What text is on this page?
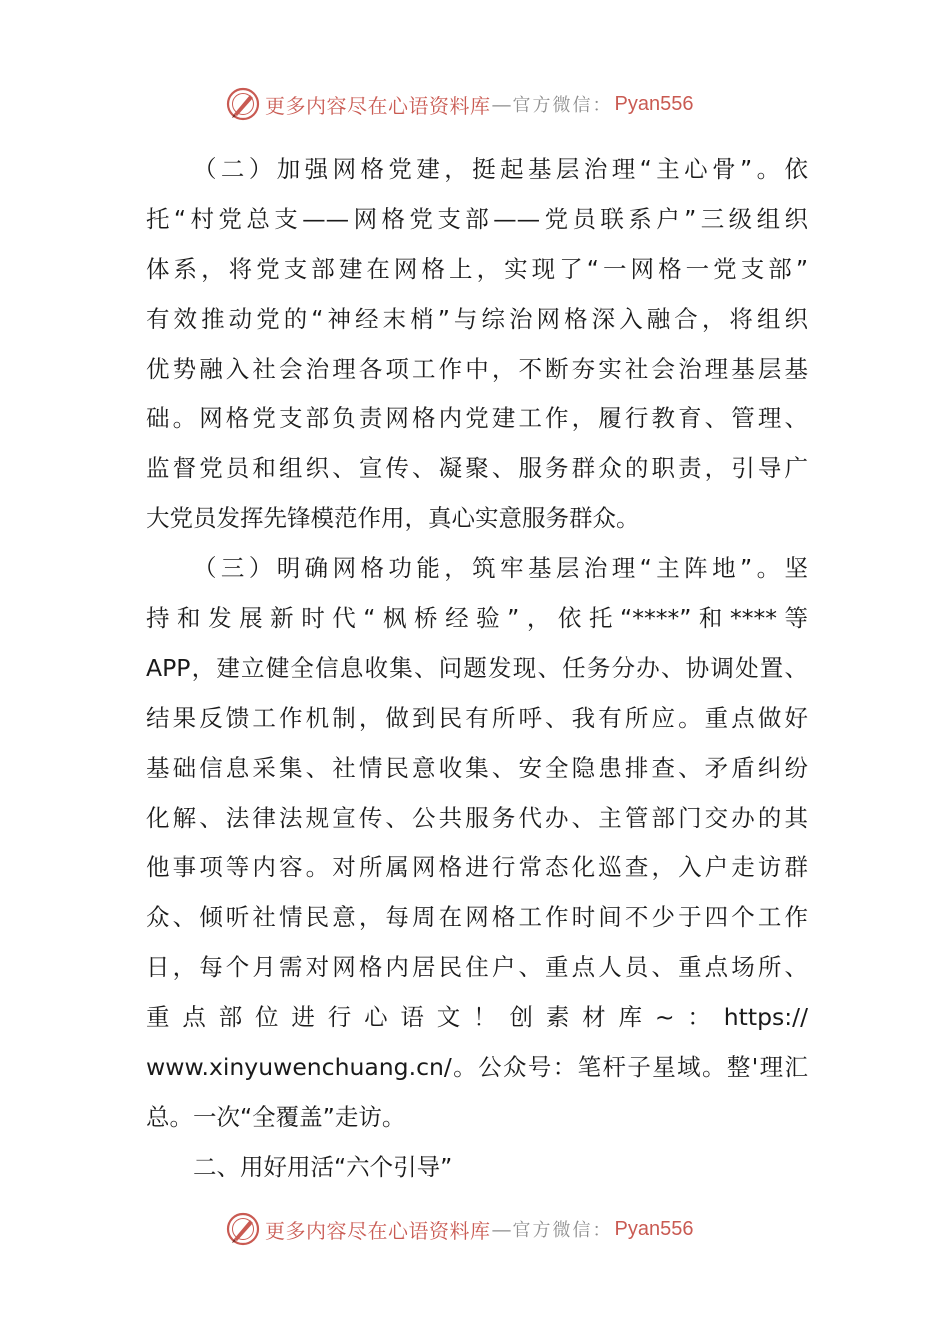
更多内容尽在心语资料库 — 官方微信： Pyan556
（二）加强网格党建，挺起基层治理“主心骨”。依
托“村党总支——网格党支部——党员联系户”三级组织
体系，将党支部建在网格上，实现了“一网格一党支部”
有效推动党的“神经末梢”与综治网格深入融合，将组织
优势融入社会治理各项工作中，不断夯实社会治理基层基
础。网格党支部负责网格内党建工作，履行教育、管理、
监督党员和组织、宣传、凝聚、服务群众的职责，引导广
大党员发挥先锋模范作用，真心实意服务群众。
（三）明确网格功能，筑牢基层治理“主阵地”。坚
持和发展新时代“枫桥经验”，依托“****”和****等
APP，建立健全信息收集、问题发现、任务分办、协调处置、
结果反馈工作机制，做到民有所呼、我有所应。重点做好
基础信息采集、社情民意收集、安全隐患排查、矛盾纠纷
化解、法律法规宣传、公共服务代办、主管部门交办的其
他事项等内容。对所属网格进行常态化巡查，入户走访群
众、倾听社情民意，每周在网格工作时间不少于四个工作
日，每个月需对网格内居民住户、重点人员、重点场所、
重点部位进行心语文！创素材库~：https://
www.xinyuwenchuang.cn/。公众号：笔杆子星域。整'理汇
总。一次“全覆盖”走访。
二、用好用活“六个引导”
更多内容尽在心语资料库 — 官方微信： Pyan556
